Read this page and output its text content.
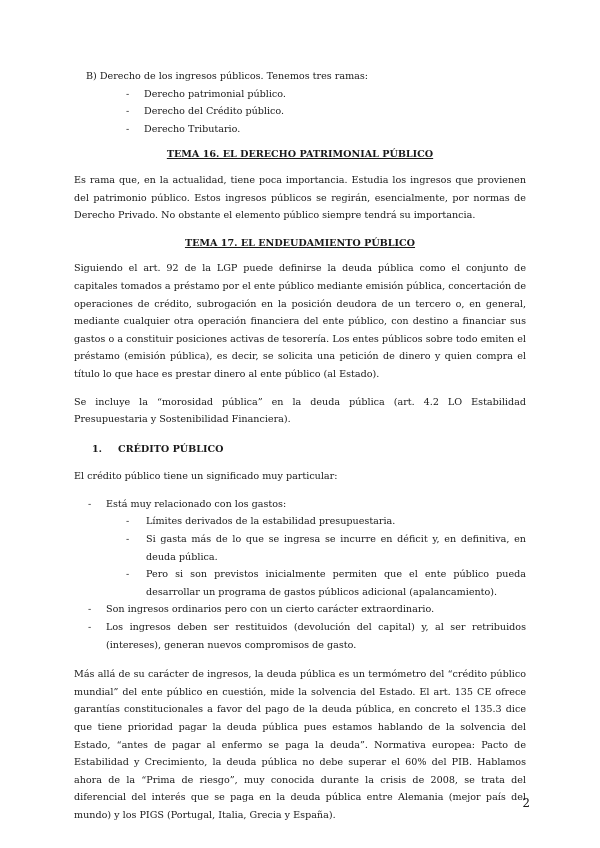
B) Derecho de los ingresos públicos. Tenemos tres ramas:
- Derecho patrimonial público.
- Derecho del Crédito público.
- Derecho Tributario.
TEMA 16. EL DERECHO PATRIMONIAL PÚBLICO

Es rama que, en la actualidad, tiene poca importancia. Estudia los ingresos que provienen del patrimonio público. Estos ingresos públicos se regirán, esencialmente, por normas de Derecho Privado. No obstante el elemento público siempre tendrá su importancia.

TEMA 17. EL ENDEUDAMIENTO PÚBLICO

Siguiendo el art. 92 de la LGP puede definirse la deuda pública como el conjunto de capitales tomados a préstamo por el ente público mediante emisión pública, concertación de operaciones de crédito, subrogación en la posición deudora de un tercero o, en general, mediante cualquier otra operación financiera del ente público, con destino a financiar sus gastos o a constituir posiciones activas de tesorería. Los entes públicos sobre todo emiten el préstamo (emisión pública), es decir, se solicita una petición de dinero y quien compra el título lo que hace es prestar dinero al ente público (al Estado).

Se incluye la “morosidad pública” en la deuda pública (art. 4.2 LO Estabilidad Presupuestaria y Sostenibilidad Financiera).

1. CRÉDITO PÚBLICO

El crédito público tiene un significado muy particular:

- Está muy relacionado con los gastos:
- Límites derivados de la estabilidad presupuestaria.
- Si gasta más de lo que se ingresa se incurre en déficit y, en definitiva, en deuda pública.
- Pero si son previstos inicialmente permiten que el ente público pueda desarrollar un programa de gastos públicos adicional (apalancamiento).
- Son ingresos ordinarios pero con un cierto carácter extraordinario.
- Los ingresos deben ser restituidos (devolución del capital) y, al ser retribuidos (intereses), generan nuevos compromisos de gasto.

Más allá de su carácter de ingresos, la deuda pública es un termómetro del “crédito público mundial” del ente público en cuestión, mide la solvencia del Estado. El art. 135 CE ofrece garantías constitucionales a favor del pago de la deuda pública, en concreto el 135.3 dice que tiene prioridad pagar la deuda pública pues estamos hablando de la solvencia del Estado, “antes de pagar al enfermo se paga la deuda”. Normativa europea: Pacto de Estabilidad y Crecimiento, la deuda pública no debe superar el 60% del PIB. Hablamos ahora de la “Prima de riesgo”, muy conocida durante la crisis de 2008, se trata del diferencial del interés que se paga en la deuda pública entre Alemania (mejor país del mundo) y los PIGS (Portugal, Italia, Grecia y España).

2
